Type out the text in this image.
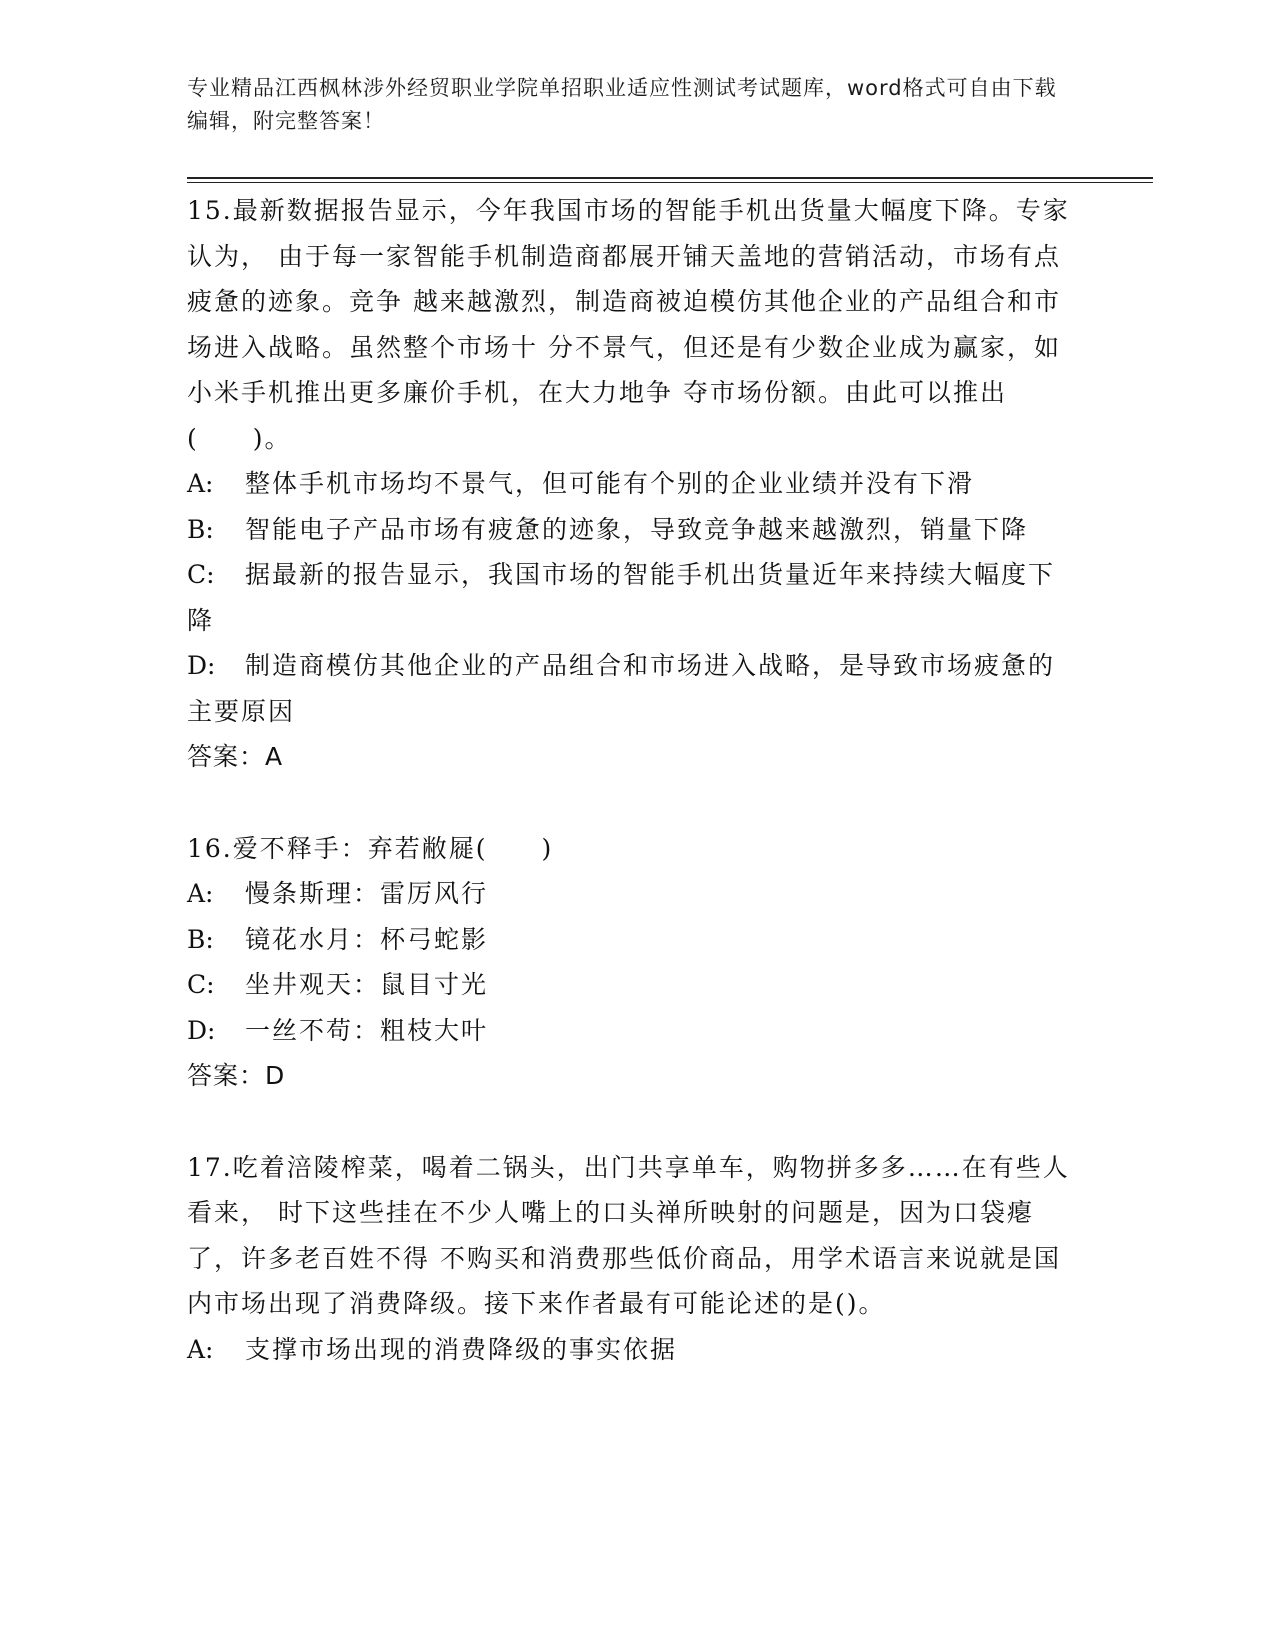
专业精品江西枫林涉外经贸职业学院单招职业适应性测试考试题库，word格式可自由下载编辑，附完整答案！
15.最新数据报告显示，今年我国市场的智能手机出货量大幅度下降。专家认为， 由于每一家智能手机制造商都展开铺天盖地的营销活动，市场有点疲惫的迹象。竞争 越来越激烈，制造商被迫模仿其他企业的产品组合和市场进入战略。虽然整个市场十 分不景气，但还是有少数企业成为赢家，如小米手机推出更多廉价手机，在大力地争 夺市场份额。由此可以推出(　　)。
A: 整体手机市场均不景气，但可能有个别的企业业绩并没有下滑
B: 智能电子产品市场有疲惫的迹象，导致竞争越来越激烈，销量下降
C: 据最新的报告显示，我国市场的智能手机出货量近年来持续大幅度下降
D: 制造商模仿其他企业的产品组合和市场进入战略，是导致市场疲惫的主要原因
答案：A
16.爱不释手：弃若敝屣(　　)
A: 慢条斯理：雷厉风行
B: 镜花水月：杯弓蛇影
C: 坐井观天：鼠目寸光
D: 一丝不苟：粗枝大叶
答案：D
17.吃着涪陵榨菜，喝着二锅头，出门共享单车，购物拼多多……在有些人看来， 时下这些挂在不少人嘴上的口头禅所映射的问题是，因为口袋瘪了，许多老百姓不得 不购买和消费那些低价商品，用学术语言来说就是国内市场出现了消费降级。接下来作者最有可能论述的是()。
A: 支撑市场出现的消费降级的事实依据
